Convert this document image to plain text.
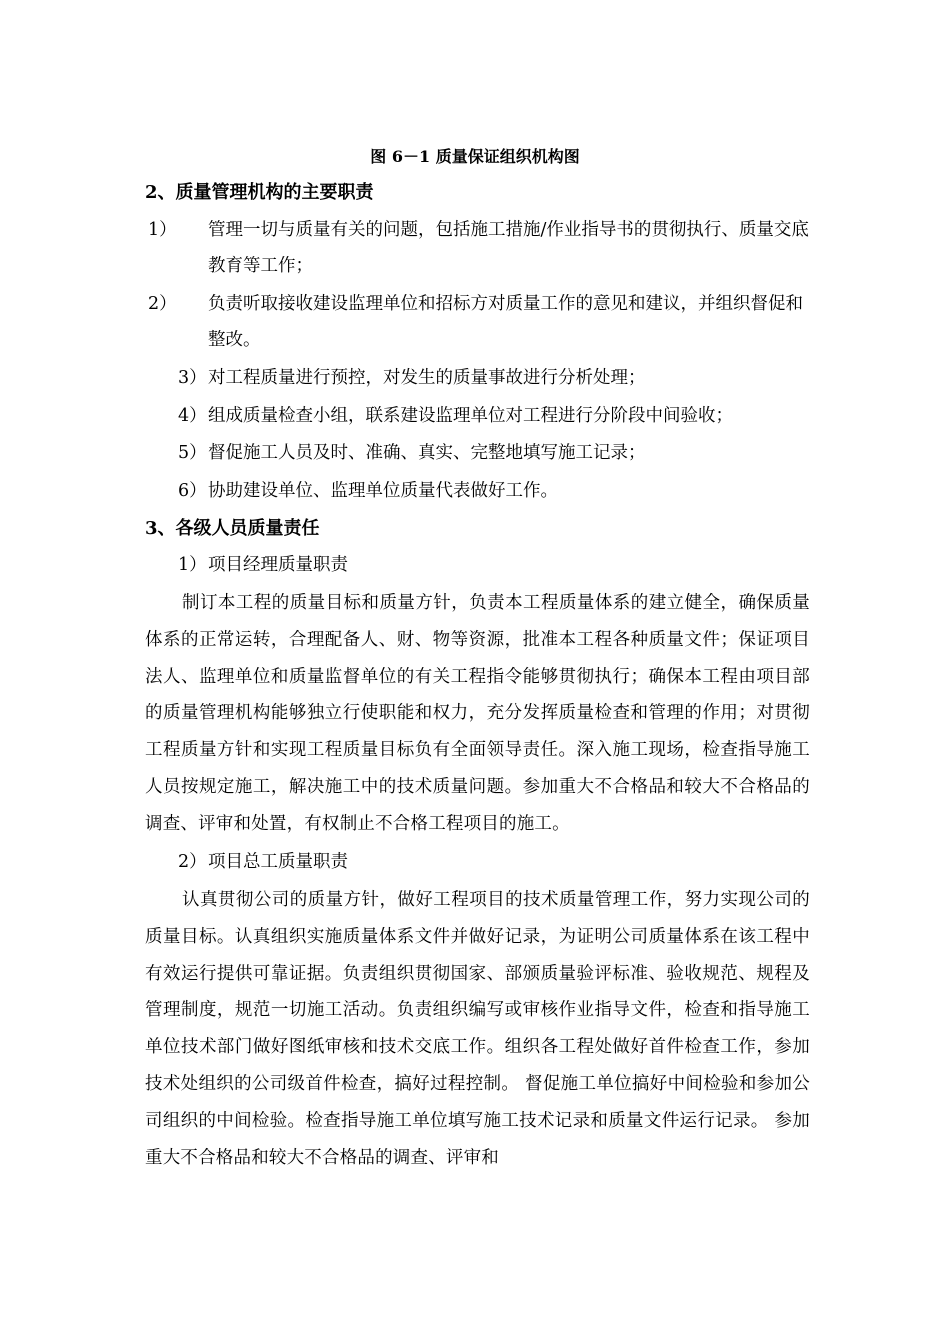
图 6－1 质量保证组织机构图
2、质量管理机构的主要职责
1） 管理一切与质量有关的问题，包括施工措施/作业指导书的贯彻执行、质量交底教育等工作；
2） 负责听取接收建设监理单位和招标方对质量工作的意见和建议，并组织督促和整改。
3）对工程质量进行预控，对发生的质量事故进行分析处理；
4）组成质量检查小组，联系建设监理单位对工程进行分阶段中间验收；
5）督促施工人员及时、准确、真实、完整地填写施工记录；
6）协助建设单位、监理单位质量代表做好工作。
3、各级人员质量责任
1）项目经理质量职责
制订本工程的质量目标和质量方针，负责本工程质量体系的建立健全，确保质量体系的正常运转，合理配备人、财、物等资源，批准本工程各种质量文件；保证项目法人、监理单位和质量监督单位的有关工程指令能够贯彻执行；确保本工程由项目部的质量管理机构能够独立行使职能和权力，充分发挥质量检查和管理的作用；对贯彻工程质量方针和实现工程质量目标负有全面领导责任。深入施工现场，检查指导施工人员按规定施工，解决施工中的技术质量问题。参加重大不合格品和较大不合格品的调查、评审和处置，有权制止不合格工程项目的施工。
2）项目总工质量职责
认真贯彻公司的质量方针，做好工程项目的技术质量管理工作，努力实现公司的质量目标。认真组织实施质量体系文件并做好记录，为证明公司质量体系在该工程中有效运行提供可靠证据。负责组织贯彻国家、部颁质量验评标准、验收规范、规程及管理制度，规范一切施工活动。负责组织编写或审核作业指导文件，检查和指导施工单位技术部门做好图纸审核和技术交底工作。组织各工程处做好首件检查工作，参加技术处组织的公司级首件检查，搞好过程控制。 督促施工单位搞好中间检验和参加公司组织的中间检验。检查指导施工单位填写施工技术记录和质量文件运行记录。 参加重大不合格品和较大不合格品的调查、评审和
